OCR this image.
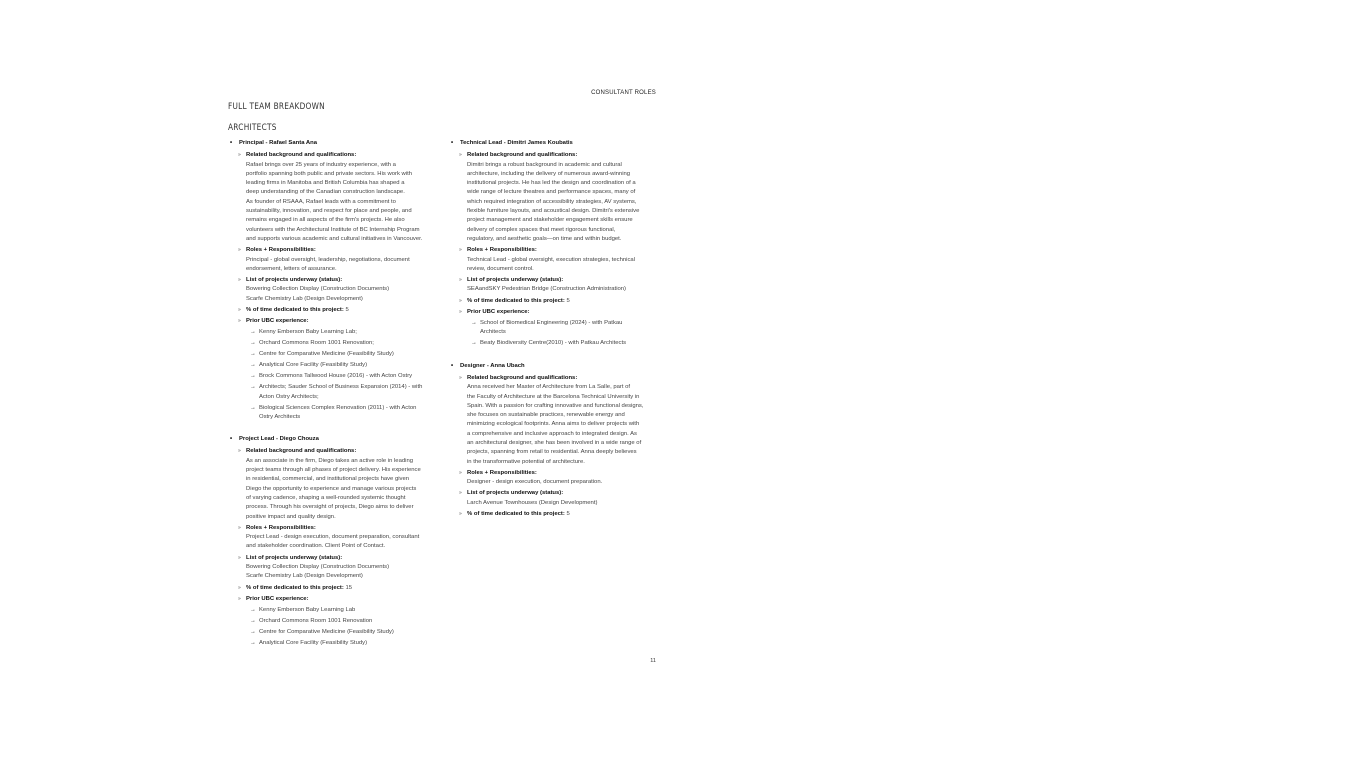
CONSULTANT ROLES
FULL TEAM BREAKDOWN
ARCHITECTS
•	Principal - Rafael Santa Ana
» Related background and qualifications:
Rafael brings over 25 years of industry experience, with a
portfolio spanning both public and private sectors. His work with
leading firms in Manitoba and British Columbia has shaped a
deep understanding of the Canadian construction landscape.
As founder of RSAAA, Rafael leads with a commitment to
sustainability, innovation, and respect for place and people, and
remains engaged in all aspects of the firm's projects. He also
volunteers with the Architectural Institute of BC Internship Program
and supports various academic and cultural initiatives in Vancouver.
» Roles + Responsibilities:
Principal - global oversight, leadership, negotiations, document
endorsement, letters of assurance.
» List of projects underway (status):
Bowering Collection Display (Construction Documents)
Scarfe Chemistry Lab (Design Development)
» % of time dedicated to this project:
5
» Prior UBC experience:
→ Kenny Emberson Baby Learning Lab;
→ Orchard Commons Room 1001 Renovation;
→ Centre for Comparative Medicine (Feasibility Study)
→ Analytical Core Facility (Feasibility Study)
→ Brock Commons Tallwood House (2016) - with Acton Ostry
→ Architects; Sauder School of Business Expansion (2014) - with
Acton Ostry Architects;
→ Biological Sciences Complex Renovation (2011) - with Acton
Ostry Architects
•	Project Lead - Diego Chouza
» Related background and qualifications:
As an associate in the firm, Diego takes an active role in leading
project teams through all phases of project delivery. His experience
in residential, commercial, and institutional projects have given
Diego the opportunity to experience and manage various projects
of varying cadence, shaping a well-rounded systemic thought
process. Through his oversight of projects, Diego aims to deliver
positive impact and quality design.
» Roles + Responsibilities:
Project Lead - design execution, document preparation, consultant
and stakeholder coordination. Client Point of Contact.
» List of projects underway (status):
Bowering Collection Display (Construction Documents)
Scarfe Chemistry Lab (Design Development)
» % of time dedicated to this project:
15
» Prior UBC experience:
→ Kenny Emberson Baby Learning Lab
→ Orchard Commons Room 1001 Renovation
→ Centre for Comparative Medicine (Feasibility Study)
→ Analytical Core Facility (Feasibility Study)
•	Technical Lead - Dimitri James Koubatis
» Related background and qualifications:
Dimitri brings a robust background in academic and cultural
architecture, including the delivery of numerous award-winning
institutional projects. He has led the design and coordination of a
wide range of lecture theatres and performance spaces, many of
which required integration of accessibility strategies, AV systems,
flexible furniture layouts, and acoustical design. Dimitri's extensive
project management and stakeholder engagement skills ensure
delivery of complex spaces that meet rigorous functional,
regulatory, and aesthetic goals—on time and within budget.
» Roles + Responsibilities:
Technical Lead - global oversight, execution strategies, technical
review, document control.
» List of projects underway (status):
SEAandSKY Pedestrian Bridge (Construction Administration)
» % of time dedicated to this project:
5
» Prior UBC experience:
→ School of Biomedical Engineering (2024) - with Patkau
Architects
→ Beaty Biodiversity Centre(2010) - with Patkau Architects
•	Designer - Anna Ubach
» Related background and qualifications:
Anna received her Master of Architecture from La Salle, part of
the Faculty of Architecture at the Barcelona Technical University in
Spain. With a passion for crafting innovative and functional designs,
she focuses on sustainable practices, renewable energy and
minimizing ecological footprints. Anna aims to deliver projects with
a comprehensive and inclusive approach to integrated design. As
an architectural designer, she has been involved in a wide range of
projects, spanning from retail to residential. Anna deeply believes
in the transformative potential of architecture.
» Roles + Responsibilities:
Designer - design execution, document preparation.
» List of projects underway (status):
Larch Avenue Townhouses (Design Development)
» % of time dedicated to this project:
5
11
